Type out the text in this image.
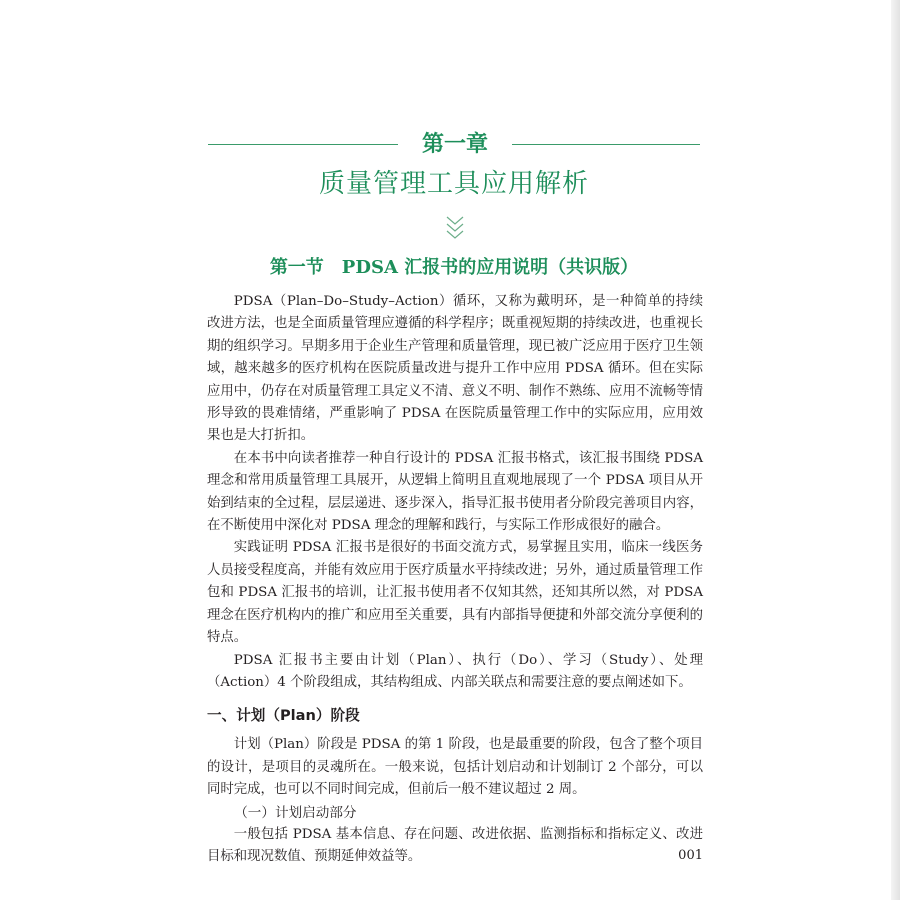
第一章
质量管理工具应用解析
第一节　PDSA 汇报书的应用说明（共识版）

PDSA（Plan–Do–Study–Action）循环，又称为戴明环，是一种简单的持续改进方法，也是全面质量管理应遵循的科学程序；既重视短期的持续改进，也重视长期的组织学习。早期多用于企业生产管理和质量管理，现已被广泛应用于医疗卫生领域，越来越多的医疗机构在医院质量改进与提升工作中应用 PDSA 循环。但在实际应用中，仍存在对质量管理工具定义不清、意义不明、制作不熟练、应用不流畅等情形导致的畏难情绪，严重影响了 PDSA 在医院质量管理工作中的实际应用，应用效果也是大打折扣。

在本书中向读者推荐一种自行设计的 PDSA 汇报书格式，该汇报书围绕 PDSA 理念和常用质量管理工具展开，从逻辑上简明且直观地展现了一个 PDSA 项目从开始到结束的全过程，层层递进、逐步深入，指导汇报书使用者分阶段完善项目内容，在不断使用中深化对 PDSA 理念的理解和践行，与实际工作形成很好的融合。

实践证明 PDSA 汇报书是很好的书面交流方式，易掌握且实用，临床一线医务人员接受程度高，并能有效应用于医疗质量水平持续改进；另外，通过质量管理工作包和 PDSA 汇报书的培训，让汇报书使用者不仅知其然，还知其所以然，对 PDSA 理念在医疗机构内的推广和应用至关重要，具有内部指导便捷和外部交流分享便利的特点。

PDSA 汇报书主要由计划（Plan）、执行（Do）、学习（Study）、处理（Action）4 个阶段组成，其结构组成、内部关联点和需要注意的要点阐述如下。

一、计划（Plan）阶段

计划（Plan）阶段是 PDSA 的第 1 阶段，也是最重要的阶段，包含了整个项目的设计，是项目的灵魂所在。一般来说，包括计划启动和计划制订 2 个部分，可以同时完成，也可以不同时间完成，但前后一般不建议超过 2 周。

（一）计划启动部分

一般包括 PDSA 基本信息、存在问题、改进依据、监测指标和指标定义、改进目标和现况数值、预期延伸效益等。	001
